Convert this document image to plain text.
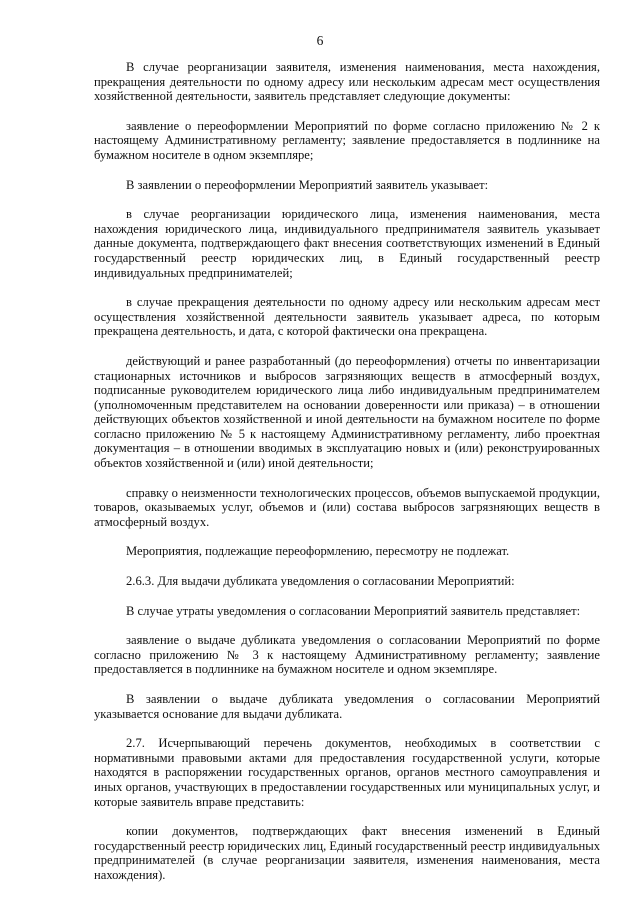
6

В случае реорганизации заявителя, изменения наименования, места нахождения, прекращения деятельности по одному адресу или нескольким адресам мест осуществления хозяйственной деятельности, заявитель представляет следующие документы:

заявление о переоформлении Мероприятий по форме согласно приложению № 2 к настоящему Административному регламенту; заявление предоставляется в подлиннике на бумажном носителе в одном экземпляре;

В заявлении о переоформлении Мероприятий заявитель указывает:

в случае реорганизации юридического лица, изменения наименования, места нахождения юридического лица, индивидуального предпринимателя заявитель указывает данные документа, подтверждающего факт внесения соответствующих изменений в Единый государственный реестр юридических лиц, в Единый государственный реестр индивидуальных предпринимателей;

в случае прекращения деятельности по одному адресу или нескольким адресам мест осуществления хозяйственной деятельности заявитель указывает адреса, по которым прекращена деятельность, и дата, с которой фактически она прекращена.

действующий и ранее разработанный (до переоформления) отчеты по инвентаризации стационарных источников и выбросов загрязняющих веществ в атмосферный воздух, подписанные руководителем юридического лица либо индивидуальным предпринимателем (уполномоченным представителем на основании доверенности или приказа) – в отношении действующих объектов хозяйственной и иной деятельности на бумажном носителе по форме согласно приложению № 5 к настоящему Административному регламенту, либо проектная документация – в отношении вводимых в эксплуатацию новых и (или) реконструированных объектов хозяйственной и (или) иной деятельности;

справку о неизменности технологических процессов, объемов выпускаемой продукции, товаров, оказываемых услуг, объемов и (или) состава выбросов загрязняющих веществ в атмосферный воздух.

Мероприятия, подлежащие переоформлению, пересмотру не подлежат.

2.6.3. Для выдачи дубликата уведомления о согласовании Мероприятий:

В случае утраты уведомления о согласовании Мероприятий заявитель представляет:

заявление о выдаче дубликата уведомления о согласовании Мероприятий по форме согласно приложению № 3 к настоящему Административному регламенту; заявление предоставляется в подлиннике на бумажном носителе и одном экземпляре.

В заявлении о выдаче дубликата уведомления о согласовании Мероприятий указывается основание для выдачи дубликата.

2.7. Исчерпывающий перечень документов, необходимых в соответствии с нормативными правовыми актами для предоставления государственной услуги, которые находятся в распоряжении государственных органов, органов местного самоуправления и иных органов, участвующих в предоставлении государственных или муниципальных услуг, и которые заявитель вправе представить:

копии документов, подтверждающих факт внесения изменений в Единый государственный реестр юридических лиц, Единый государственный реестр индивидуальных предпринимателей (в случае реорганизации заявителя, изменения наименования, места нахождения).
